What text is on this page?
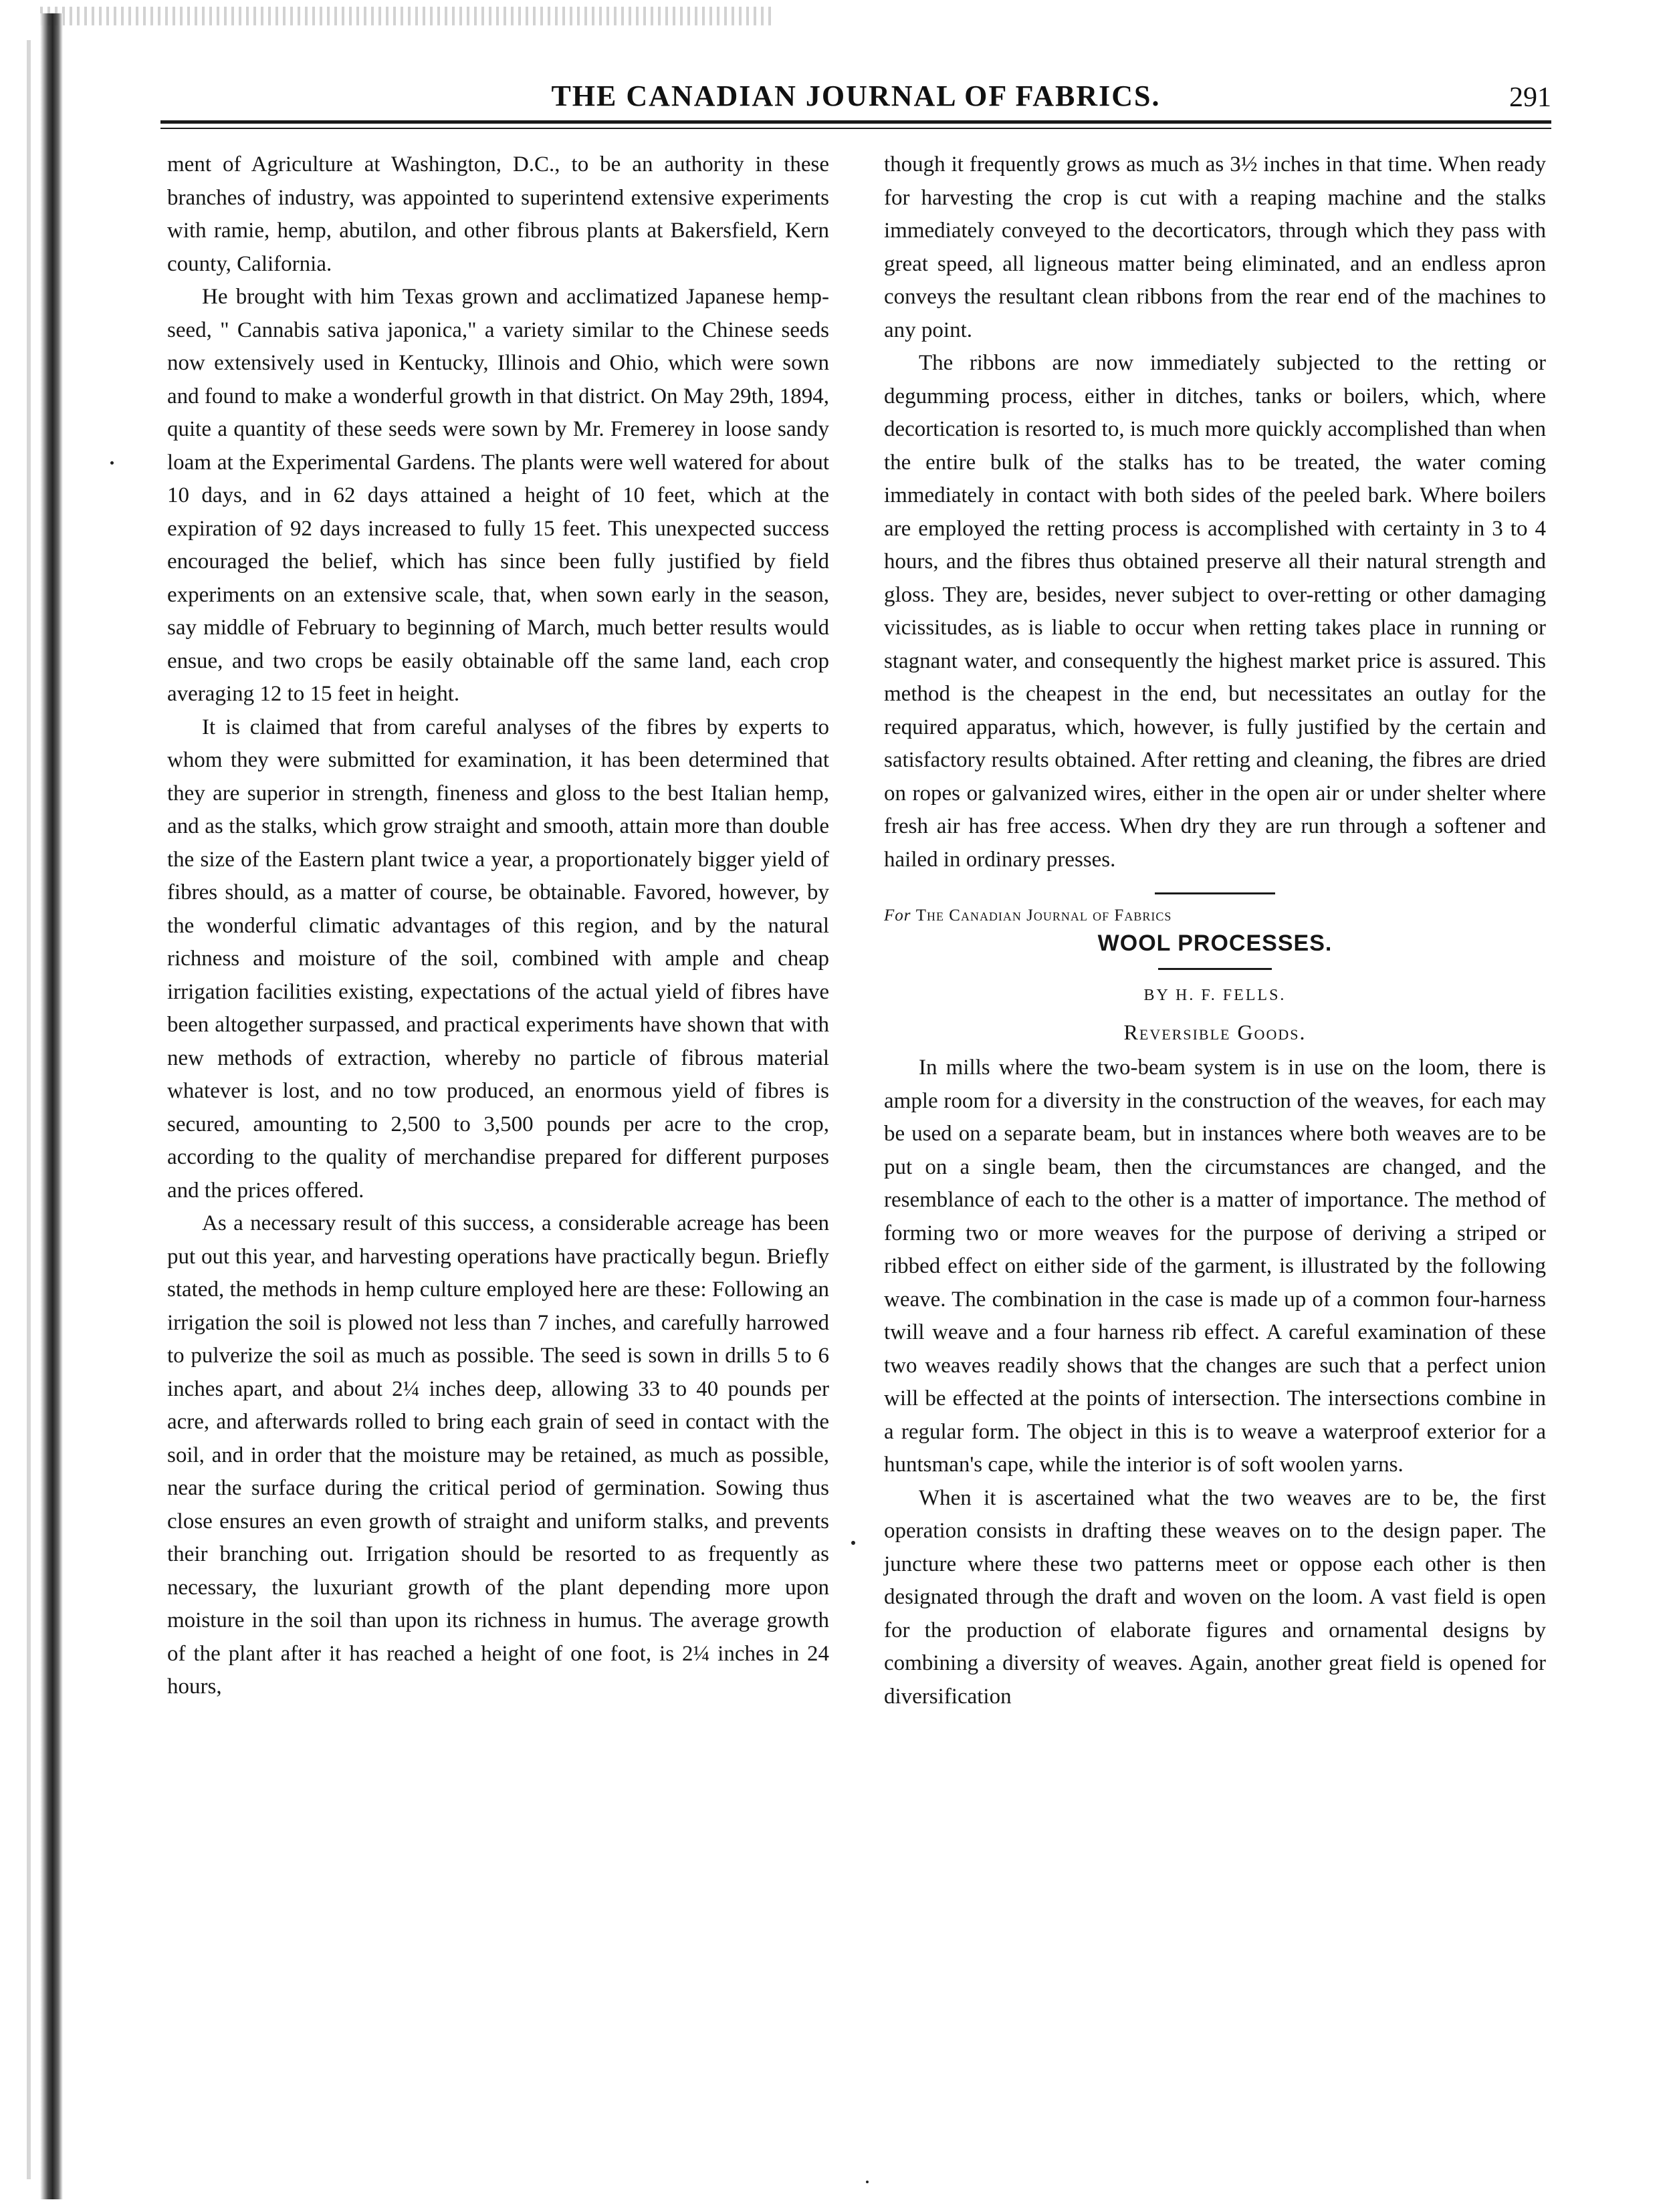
THE CANADIAN JOURNAL OF FABRICS.	291

ment of Agriculture at Washington, D.C., to be an authority in these branches of industry, was appointed to superintend extensive experiments with ramie, hemp, abutilon, and other fibrous plants at Bakersfield, Kern county, California.

He brought with him Texas grown and acclimatized Japanese hemp-seed, " Cannabis sativa japonica," a variety similar to the Chinese seeds now extensively used in Kentucky, Illinois and Ohio, which were sown and found to make a wonderful growth in that district. On May 29th, 1894, quite a quantity of these seeds were sown by Mr. Fremerey in loose sandy loam at the Experimental Gardens. The plants were well watered for about 10 days, and in 62 days attained a height of 10 feet, which at the expiration of 92 days increased to fully 15 feet. This unexpected success encouraged the belief, which has since been fully justified by field experiments on an extensive scale, that, when sown early in the season, say middle of February to beginning of March, much better results would ensue, and two crops be easily obtainable off the same land, each crop averaging 12 to 15 feet in height.

It is claimed that from careful analyses of the fibres by experts to whom they were submitted for examination, it has been determined that they are superior in strength, fineness and gloss to the best Italian hemp, and as the stalks, which grow straight and smooth, attain more than double the size of the Eastern plant twice a year, a proportionately bigger yield of fibres should, as a matter of course, be obtainable. Favored, however, by the wonderful climatic advantages of this region, and by the natural richness and moisture of the soil, combined with ample and cheap irrigation facilities existing, expectations of the actual yield of fibres have been altogether surpassed, and practical experiments have shown that with new methods of extraction, whereby no particle of fibrous material whatever is lost, and no tow produced, an enormous yield of fibres is secured, amounting to 2,500 to 3,500 pounds per acre to the crop, according to the quality of merchandise prepared for different purposes and the prices offered.

As a necessary result of this success, a considerable acreage has been put out this year, and harvesting operations have practically begun. Briefly stated, the methods in hemp culture employed here are these: Following an irrigation the soil is plowed not less than 7 inches, and carefully harrowed to pulverize the soil as much as possible. The seed is sown in drills 5 to 6 inches apart, and about 2¼ inches deep, allowing 33 to 40 pounds per acre, and afterwards rolled to bring each grain of seed in contact with the soil, and in order that the moisture may be retained, as much as possible, near the surface during the critical period of germination. Sowing thus close ensures an even growth of straight and uniform stalks, and prevents their branching out. Irrigation should be resorted to as frequently as necessary, the luxuriant growth of the plant depending more upon moisture in the soil than upon its richness in humus. The average growth of the plant after it has reached a height of one foot, is 2¼ inches in 24 hours,

though it frequently grows as much as 3½ inches in that time. When ready for harvesting the crop is cut with a reaping machine and the stalks immediately conveyed to the decorticators, through which they pass with great speed, all ligneous matter being eliminated, and an endless apron conveys the resultant clean ribbons from the rear end of the machines to any point.

The ribbons are now immediately subjected to the retting or degumming process, either in ditches, tanks or boilers, which, where decortication is resorted to, is much more quickly accomplished than when the entire bulk of the stalks has to be treated, the water coming immediately in contact with both sides of the peeled bark. Where boilers are employed the retting process is accomplished with certainty in 3 to 4 hours, and the fibres thus obtained preserve all their natural strength and gloss. They are, besides, never subject to over-retting or other damaging vicissitudes, as is liable to occur when retting takes place in running or stagnant water, and consequently the highest market price is assured. This method is the cheapest in the end, but necessitates an outlay for the required apparatus, which, however, is fully justified by the certain and satisfactory results obtained. After retting and cleaning, the fibres are dried on ropes or galvanized wires, either in the open air or under shelter where fresh air has free access. When dry they are run through a softener and hailed in ordinary presses.

For The Canadian Journal of Fabrics
WOOL PROCESSES.
BY H. F. FELLS.
Reversible Goods.

In mills where the two-beam system is in use on the loom, there is ample room for a diversity in the construction of the weaves, for each may be used on a separate beam, but in instances where both weaves are to be put on a single beam, then the circumstances are changed, and the resemblance of each to the other is a matter of importance. The method of forming two or more weaves for the purpose of deriving a striped or ribbed effect on either side of the garment, is illustrated by the following weave. The combination in the case is made up of a common four-harness twill weave and a four harness rib effect. A careful examination of these two weaves readily shows that the changes are such that a perfect union will be effected at the points of intersection. The intersections combine in a regular form. The object in this is to weave a waterproof exterior for a huntsman's cape, while the interior is of soft woolen yarns.

When it is ascertained what the two weaves are to be, the first operation consists in drafting these weaves on to the design paper. The juncture where these two patterns meet or oppose each other is then designated through the draft and woven on the loom. A vast field is open for the production of elaborate figures and ornamental designs by combining a diversity of weaves. Again, another great field is opened for diversification
